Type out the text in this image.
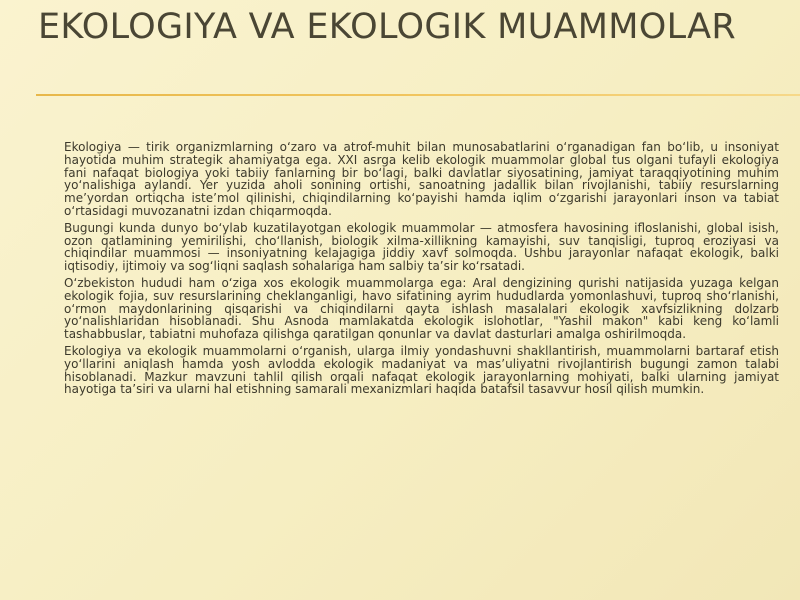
EKOLOGIYA VA EKOLOGIK MUAMMOLAR

Ekologiya — tirik organizmlarning o‘zaro va atrof-muhit bilan munosabatlarini o‘rganadigan fan bo‘lib, u insoniyat hayotida muhim strategik ahamiyatga ega. XXI asrga kelib ekologik muammolar global tus olgani tufayli ekologiya fani nafaqat biologiya yoki tabiiy fanlarning bir bo‘lagi, balki davlatlar siyosatining, jamiyat taraqqiyotining muhim yo‘nalishiga aylandi. Yer yuzida aholi sonining ortishi, sanoatning jadallik bilan rivojlanishi, tabiiy resurslarning me’yordan ortiqcha iste’mol qilinishi, chiqindilarning ko‘payishi hamda iqlim o‘zgarishi jarayonlari inson va tabiat o‘rtasidagi muvozanatni izdan chiqarmoqda.

Bugungi kunda dunyo bo‘ylab kuzatilayotgan ekologik muammolar — atmosfera havosining ifloslanishi, global isish, ozon qatlamining yemirilishi, cho‘llanish, biologik xilma-xillikning kamayishi, suv tanqisligi, tuproq eroziyasi va chiqindilar muammosi — insoniyatning kelajagiga jiddiy xavf solmoqda. Ushbu jarayonlar nafaqat ekologik, balki iqtisodiy, ijtimoiy va sog‘liqni saqlash sohalariga ham salbiy ta’sir ko‘rsatadi.

O‘zbekiston hududi ham o‘ziga xos ekologik muammolarga ega: Aral dengizining qurishi natijasida yuzaga kelgan ekologik fojia, suv resurslarining cheklanganligi, havo sifatining ayrim hududlarda yomonlashuvi, tuproq sho‘rlanishi, o‘rmon maydonlarining qisqarishi va chiqindilarni qayta ishlash masalalari ekologik xavfsizlikning dolzarb yo‘nalishlaridan hisoblanadi. Shu Asnoda mamlakatda ekologik islohotlar, "Yashil makon" kabi keng ko‘lamli tashabbuslar, tabiatni muhofaza qilishga qaratilgan qonunlar va davlat dasturlari amalga oshirilmoqda.

Ekologiya va ekologik muammolarni o‘rganish, ularga ilmiy yondashuvni shakllantirish, muammolarni bartaraf etish yo‘llarini aniqlash hamda yosh avlodda ekologik madaniyat va mas’uliyatni rivojlantirish bugungi zamon talabi hisoblanadi. Mazkur mavzuni tahlil qilish orqali nafaqat ekologik jarayonlarning mohiyati, balki ularning jamiyat hayotiga ta’siri va ularni hal etishning samarali mexanizmlari haqida batafsil tasavvur hosil qilish mumkin.
